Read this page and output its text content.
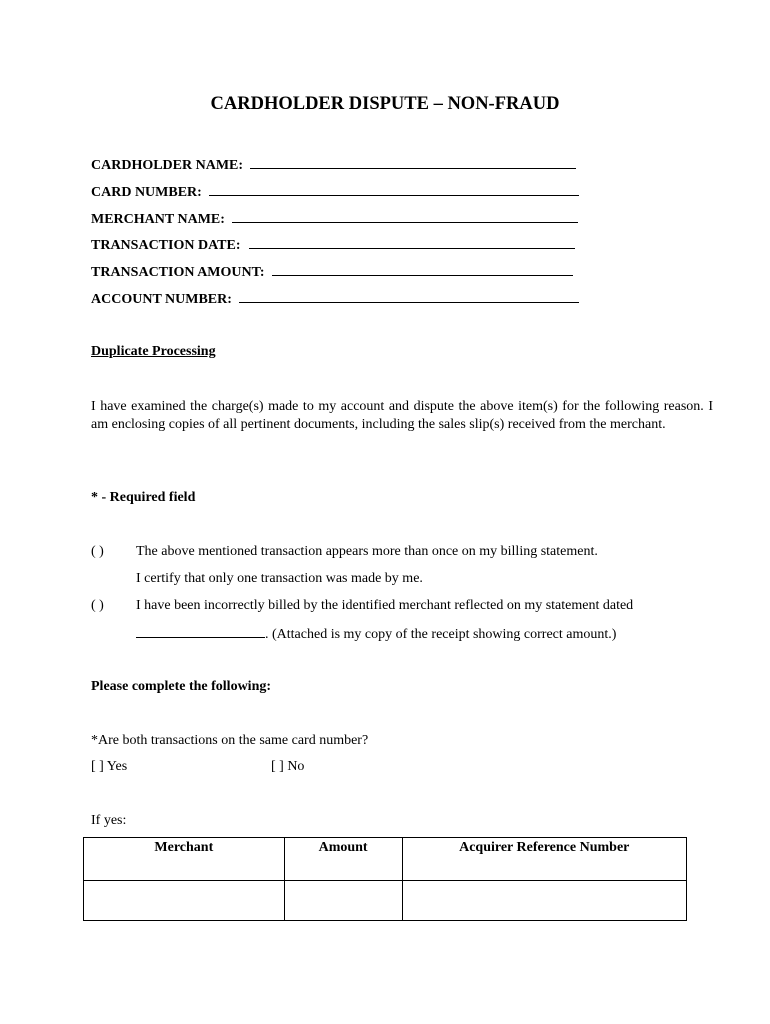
CARDHOLDER DISPUTE – NON-FRAUD
CARDHOLDER NAME:
CARD NUMBER:
MERCHANT NAME:
TRANSACTION DATE:
TRANSACTION AMOUNT:
ACCOUNT NUMBER:
Duplicate Processing
I have examined the charge(s) made to my account and dispute the above item(s) for the following reason. I am enclosing copies of all pertinent documents, including the sales slip(s) received from the merchant.
* - Required field
( ) The above mentioned transaction appears more than once on my billing statement.
I certify that only one transaction was made by me.
( ) I have been incorrectly billed by the identified merchant reflected on my statement dated
. (Attached is my copy of the receipt showing correct amount.)
Please complete the following:
*Are both transactions on the same card number?
[ ] Yes	[ ] No
If yes:
Merchant	Amount	Acquirer Reference Number
